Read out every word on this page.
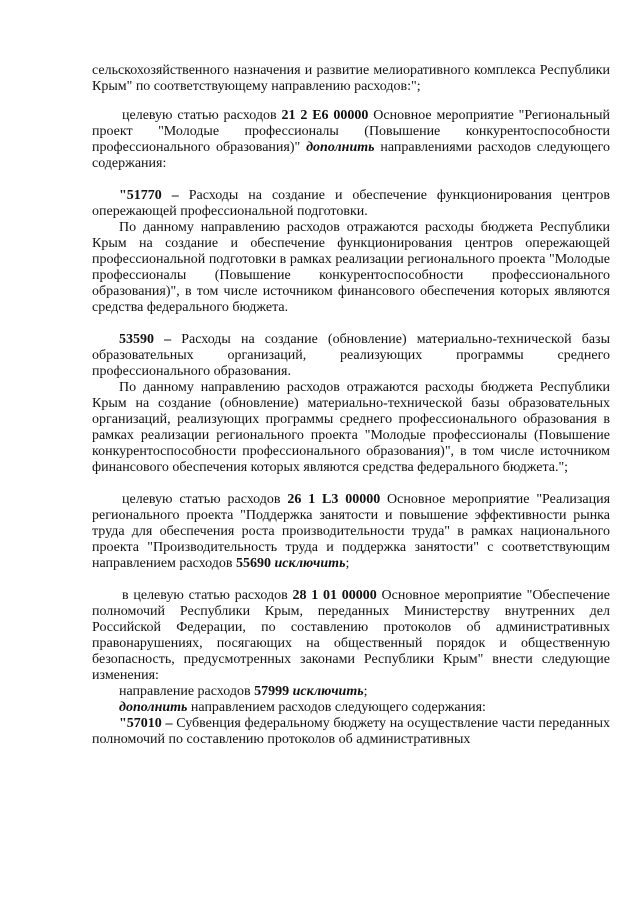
сельскохозяйственного назначения и развитие мелиоративного комплекса Республики Крым" по соответствующему направлению расходов:";

целевую статью расходов 21 2 Е6 00000 Основное мероприятие "Региональный проект "Молодые профессионалы (Повышение конкурентоспособности профессионального образования)" дополнить направлениями расходов следующего содержания:

"51770 – Расходы на создание и обеспечение функционирования центров опережающей профессиональной подготовки.

По данному направлению расходов отражаются расходы бюджета Республики Крым на создание и обеспечение функционирования центров опережающей профессиональной подготовки в рамках реализации регионального проекта "Молодые профессионалы (Повышение конкурентоспособности профессионального образования)", в том числе источником финансового обеспечения которых являются средства федерального бюджета.

53590 – Расходы на создание (обновление) материально-технической базы образовательных организаций, реализующих программы среднего профессионального образования.

По данному направлению расходов отражаются расходы бюджета Республики Крым на создание (обновление) материально-технической базы образовательных организаций, реализующих программы среднего профессионального образования в рамках реализации регионального проекта "Молодые профессионалы (Повышение конкурентоспособности профессионального образования)", в том числе источником финансового обеспечения которых являются средства федерального бюджета.";

целевую статью расходов 26 1 L3 00000 Основное мероприятие "Реализация регионального проекта "Поддержка занятости и повышение эффективности рынка труда для обеспечения роста производительности труда" в рамках национального проекта "Производительность труда и поддержка занятости" с соответствующим направлением расходов 55690 исключить;

в целевую статью расходов 28 1 01 00000 Основное мероприятие "Обеспечение полномочий Республики Крым, переданных Министерству внутренних дел Российской Федерации, по составлению протоколов об административных правонарушениях, посягающих на общественный порядок и общественную безопасность, предусмотренных законами Республики Крым" внести следующие изменения:

направление расходов 57999 исключить;

дополнить направлением расходов следующего содержания:

"57010 – Субвенция федеральному бюджету на осуществление части переданных полномочий по составлению протоколов об административных
